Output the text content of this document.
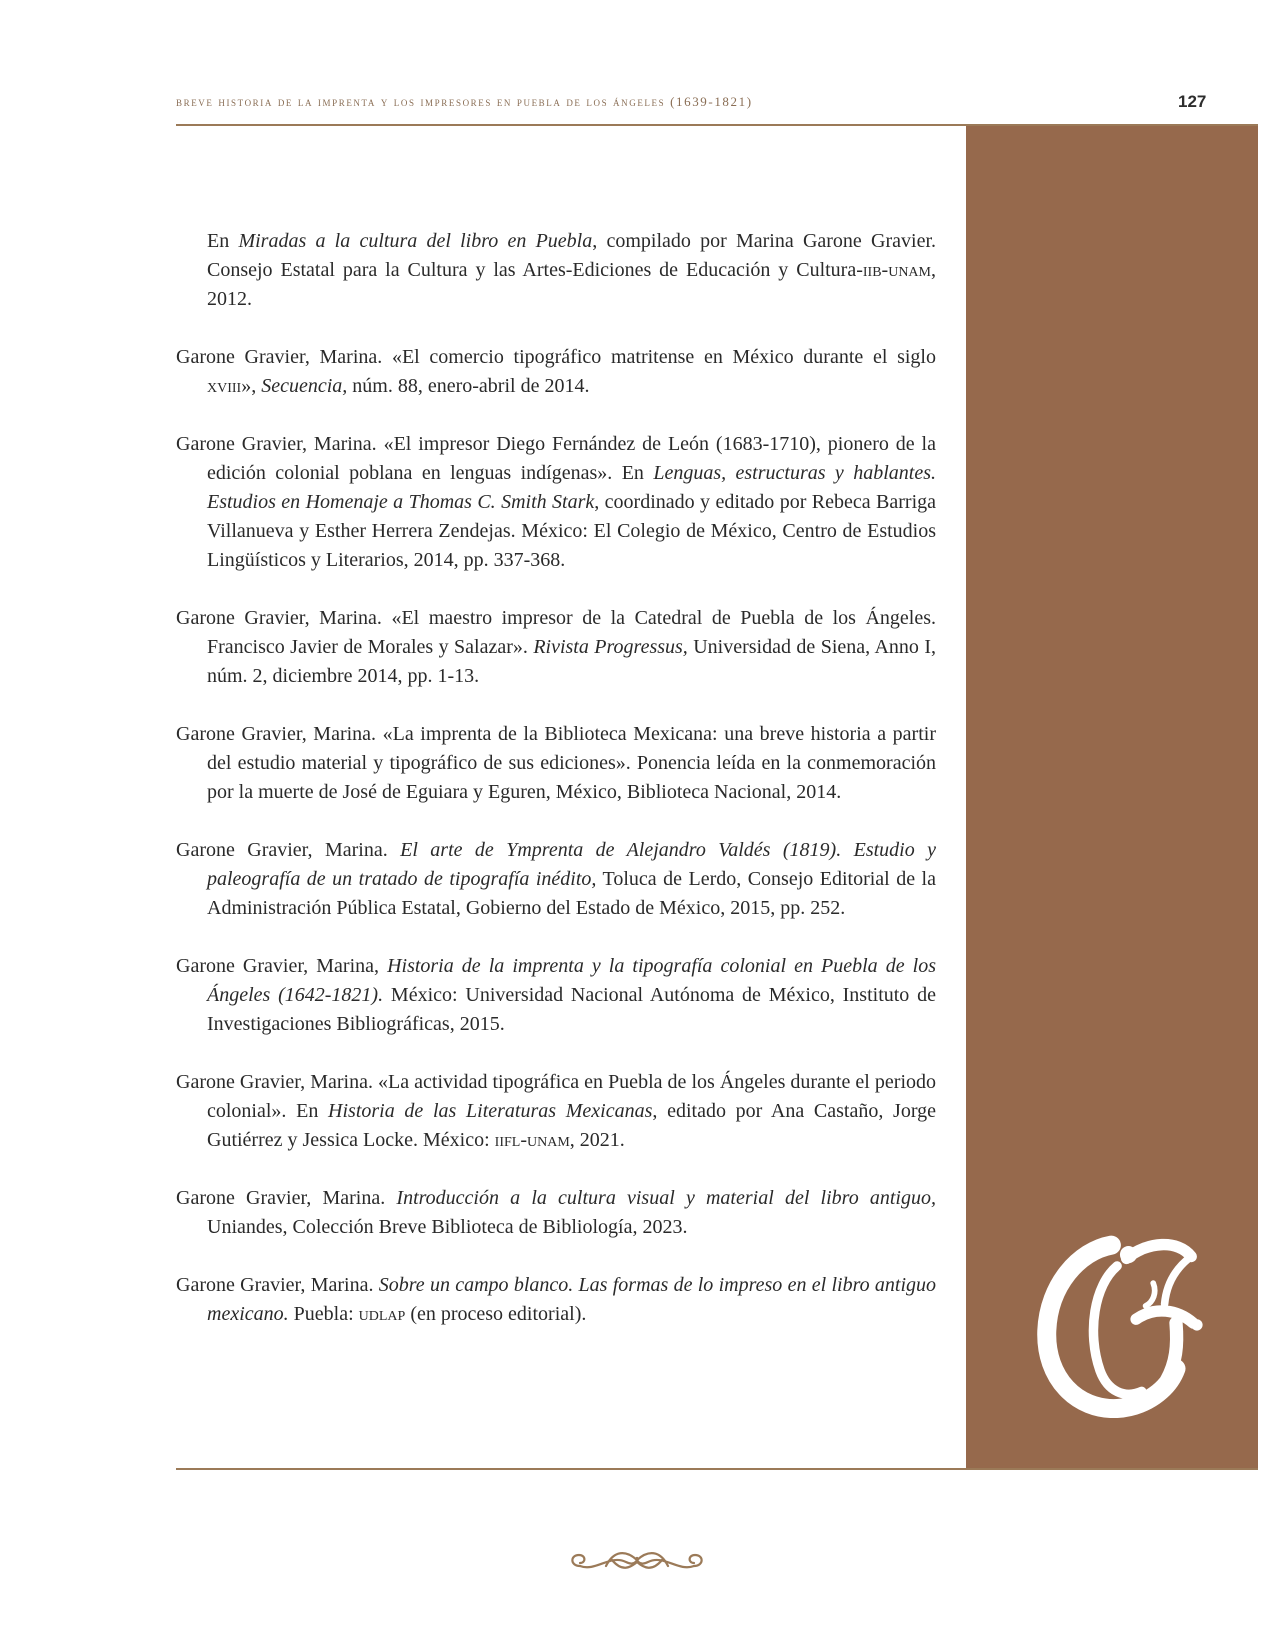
breve historia de la imprenta y los impresores en puebla de los ángeles (1639-1821)	127

En Miradas a la cultura del libro en Puebla, compilado por Marina Garone Gravier. Consejo Estatal para la Cultura y las Artes-Ediciones de Educación y Cultura-iib-unam, 2012.

Garone Gravier, Marina. «El comercio tipográfico matritense en México durante el siglo xviii», Secuencia, núm. 88, enero-abril de 2014.

Garone Gravier, Marina. «El impresor Diego Fernández de León (1683-1710), pionero de la edición colonial poblana en lenguas indígenas». En Lenguas, estructuras y hablantes. Estudios en Homenaje a Thomas C. Smith Stark, coordinado y editado por Rebeca Barriga Villanueva y Esther Herrera Zendejas. México: El Colegio de México, Centro de Estudios Lingüísticos y Literarios, 2014, pp. 337-368.

Garone Gravier, Marina. «El maestro impresor de la Catedral de Puebla de los Ángeles. Francisco Javier de Morales y Salazar». Rivista Progressus, Universidad de Siena, Anno I, núm. 2, diciembre 2014, pp. 1-13.

Garone Gravier, Marina. «La imprenta de la Biblioteca Mexicana: una breve historia a partir del estudio material y tipográfico de sus ediciones». Ponencia leída en la conmemoración por la muerte de José de Eguiara y Eguren, México, Biblioteca Nacional, 2014.

Garone Gravier, Marina. El arte de Ymprenta de Alejandro Valdés (1819). Estudio y paleografía de un tratado de tipografía inédito, Toluca de Lerdo, Consejo Editorial de la Administración Pública Estatal, Gobierno del Estado de México, 2015, pp. 252.

Garone Gravier, Marina, Historia de la imprenta y la tipografía colonial en Puebla de los Ángeles (1642-1821). México: Universidad Nacional Autónoma de México, Instituto de Investigaciones Bibliográficas, 2015.

Garone Gravier, Marina. «La actividad tipográfica en Puebla de los Ángeles durante el periodo colonial». En Historia de las Literaturas Mexicanas, editado por Ana Castaño, Jorge Gutiérrez y Jessica Locke. México: iifl-unam, 2021.

Garone Gravier, Marina. Introducción a la cultura visual y material del libro antiguo, Uniandes, Colección Breve Biblioteca de Bibliología, 2023.

Garone Gravier, Marina. Sobre un campo blanco. Las formas de lo impreso en el libro antiguo mexicano. Puebla: udlap (en proceso editorial).
